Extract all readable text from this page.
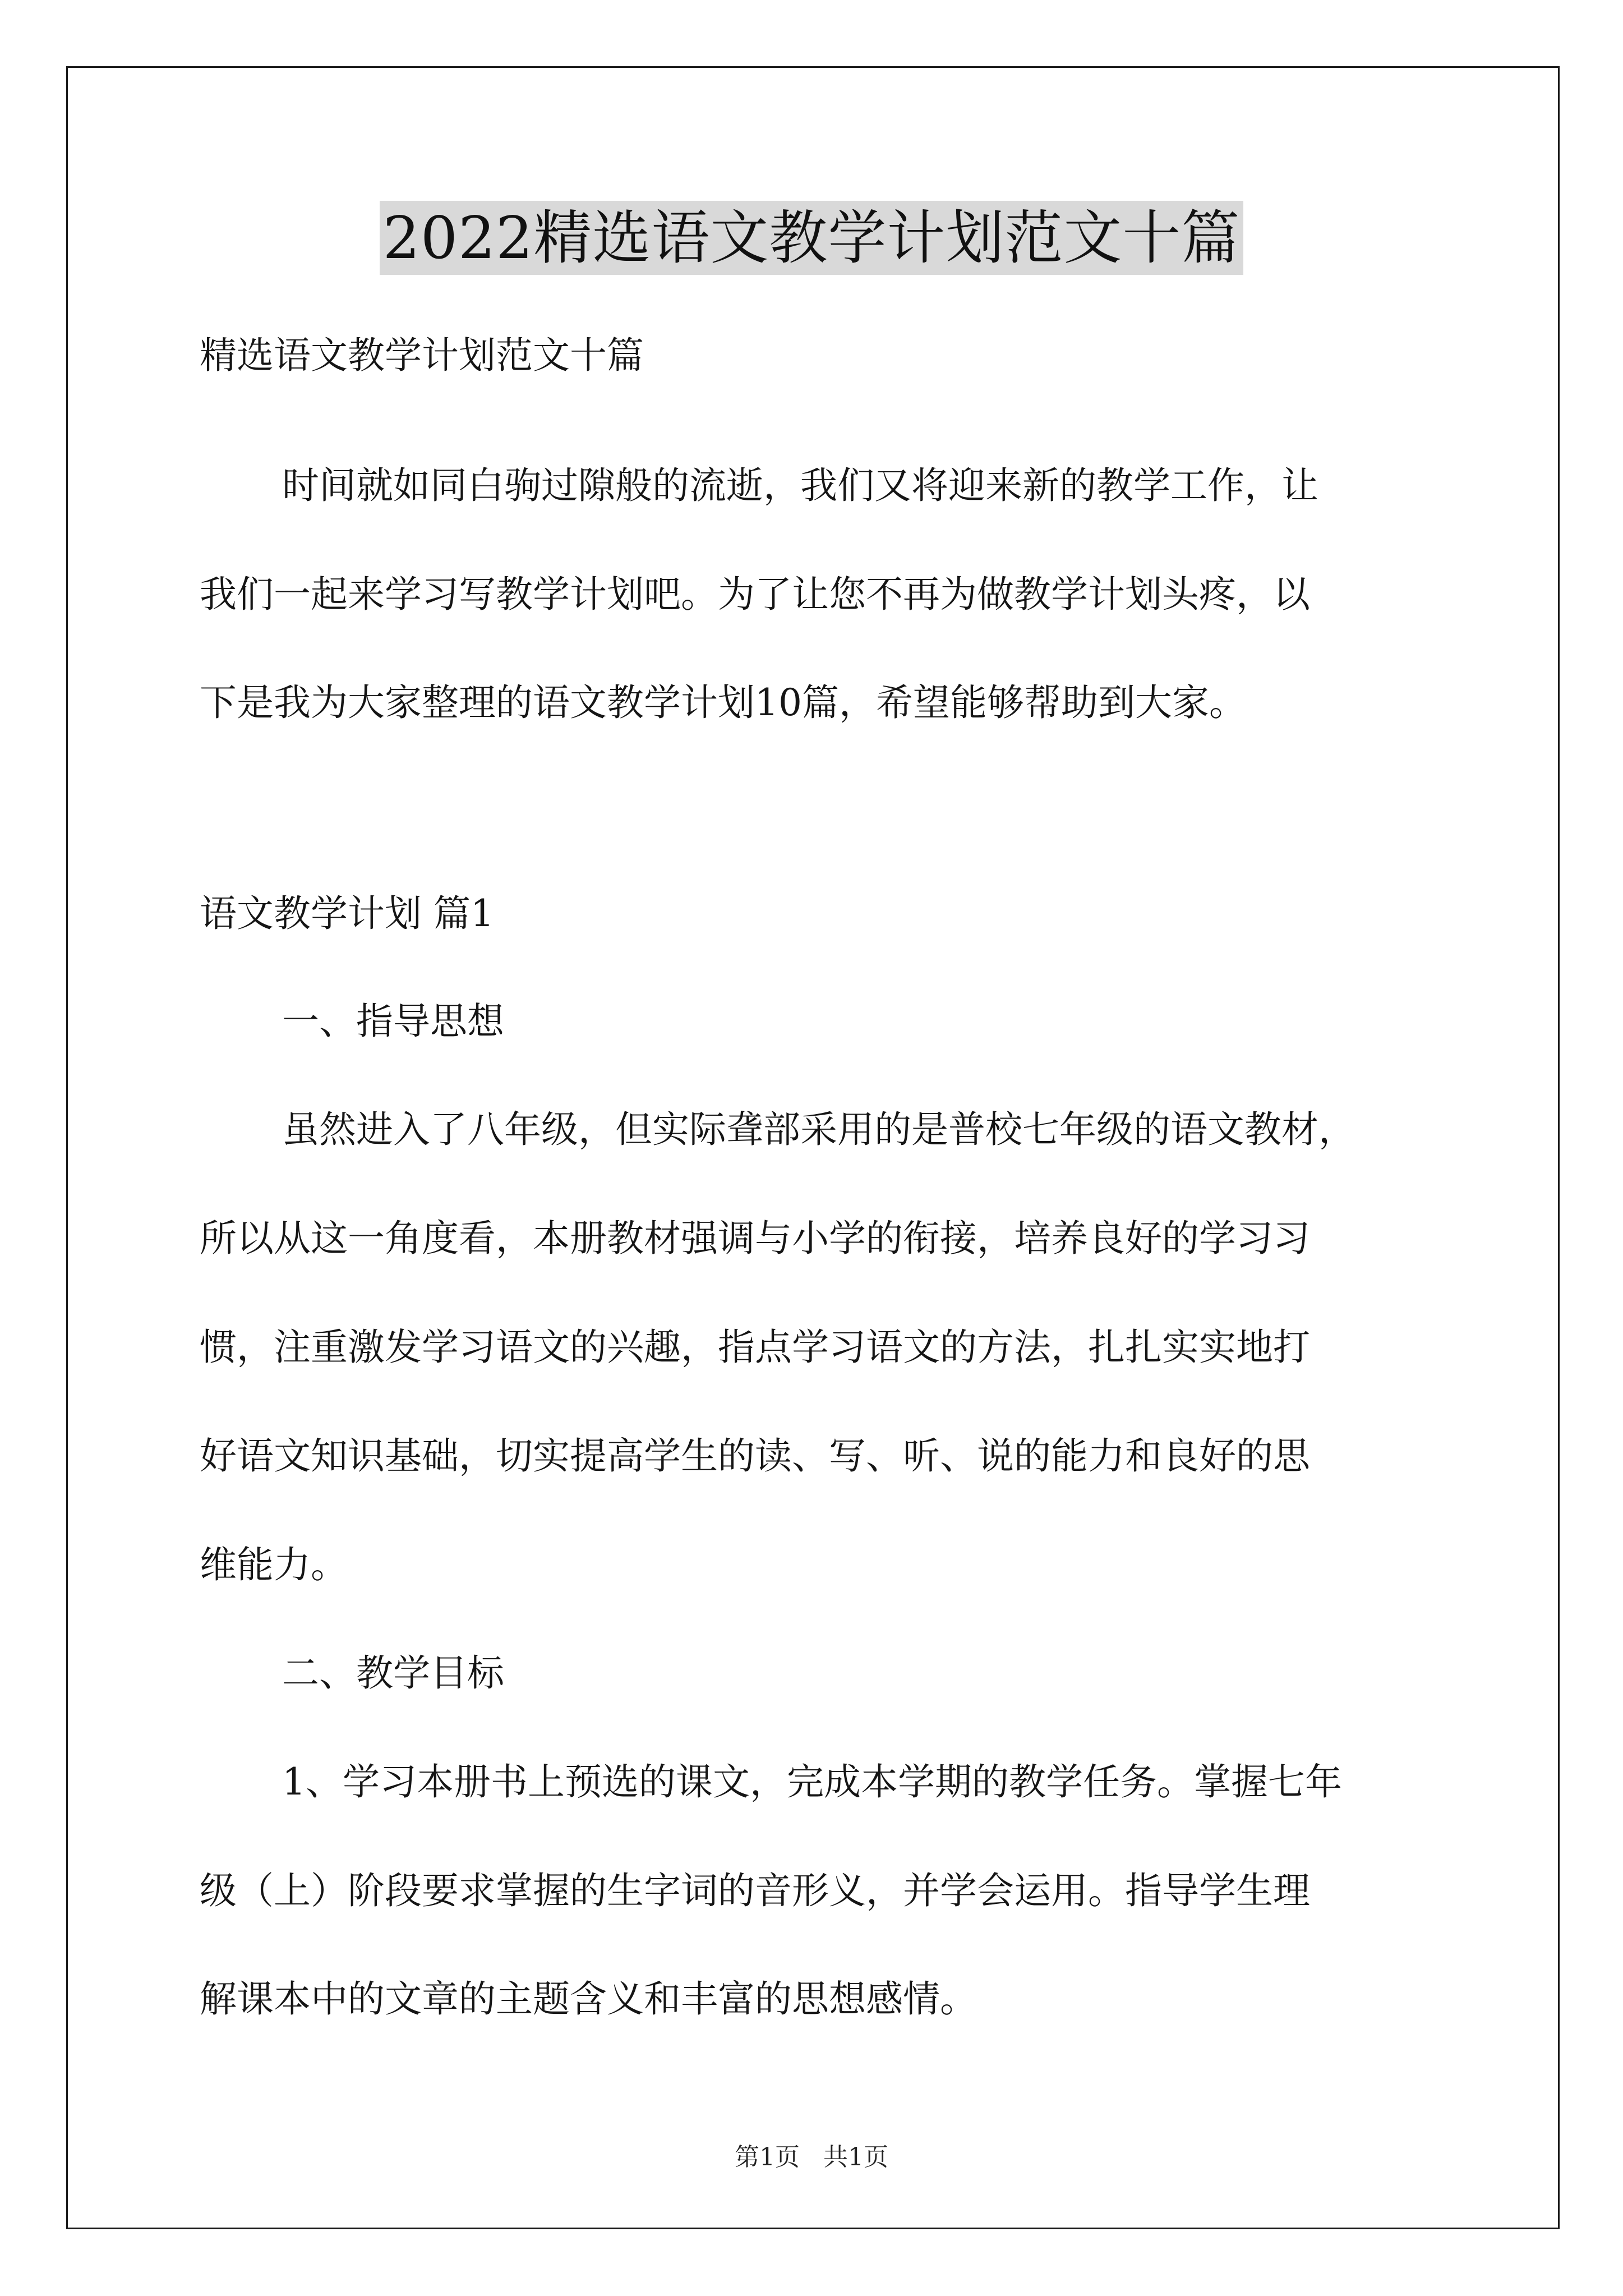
2022精选语文教学计划范文十篇
精选语文教学计划范文十篇
时间就如同白驹过隙般的流逝，我们又将迎来新的教学工作，让
我们一起来学习写教学计划吧。为了让您不再为做教学计划头疼，以
下是我为大家整理的语文教学计划10篇，希望能够帮助到大家。
语文教学计划 篇1
一、指导思想
虽然进入了八年级，但实际聋部采用的是普校七年级的语文教材，
所以从这一角度看，本册教材强调与小学的衔接，培养良好的学习习
惯，注重激发学习语文的兴趣，指点学习语文的方法，扎扎实实地打
好语文知识基础，切实提高学生的读、写、听、说的能力和良好的思
维能力。
二、教学目标
1、学习本册书上预选的课文，完成本学期的教学任务。掌握七年
级（上）阶段要求掌握的生字词的音形义，并学会运用。指导学生理
解课本中的文章的主题含义和丰富的思想感情。
第1页   共1页
